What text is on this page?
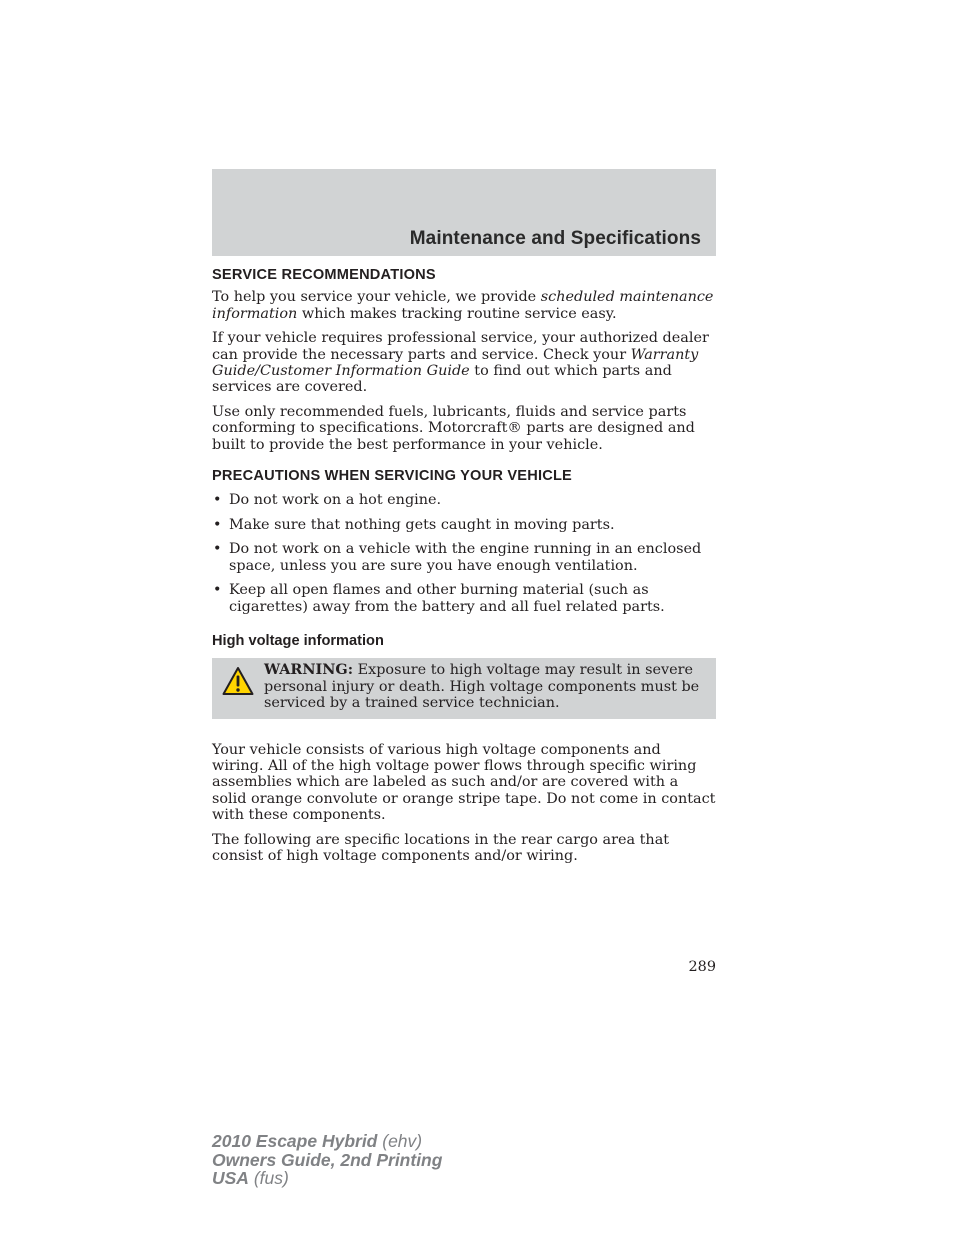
Maintenance and Specifications
SERVICE RECOMMENDATIONS

To help you service your vehicle, we provide scheduled maintenance information which makes tracking routine service easy.

If your vehicle requires professional service, your authorized dealer can provide the necessary parts and service. Check your Warranty Guide/Customer Information Guide to find out which parts and services are covered.

Use only recommended fuels, lubricants, fluids and service parts conforming to specifications. Motorcraft® parts are designed and built to provide the best performance in your vehicle.

PRECAUTIONS WHEN SERVICING YOUR VEHICLE
• Do not work on a hot engine.
• Make sure that nothing gets caught in moving parts.
• Do not work on a vehicle with the engine running in an enclosed space, unless you are sure you have enough ventilation.
• Keep all open flames and other burning material (such as cigarettes) away from the battery and all fuel related parts.
High voltage information
WARNING: Exposure to high voltage may result in severe personal injury or death. High voltage components must be serviced by a trained service technician.

Your vehicle consists of various high voltage components and wiring. All of the high voltage power flows through specific wiring assemblies which are labeled as such and/or are covered with a solid orange convolute or orange stripe tape. Do not come in contact with these components.

The following are specific locations in the rear cargo area that consist of high voltage components and/or wiring.

289
2010 Escape Hybrid (ehv)
Owners Guide, 2nd Printing
USA (fus)
